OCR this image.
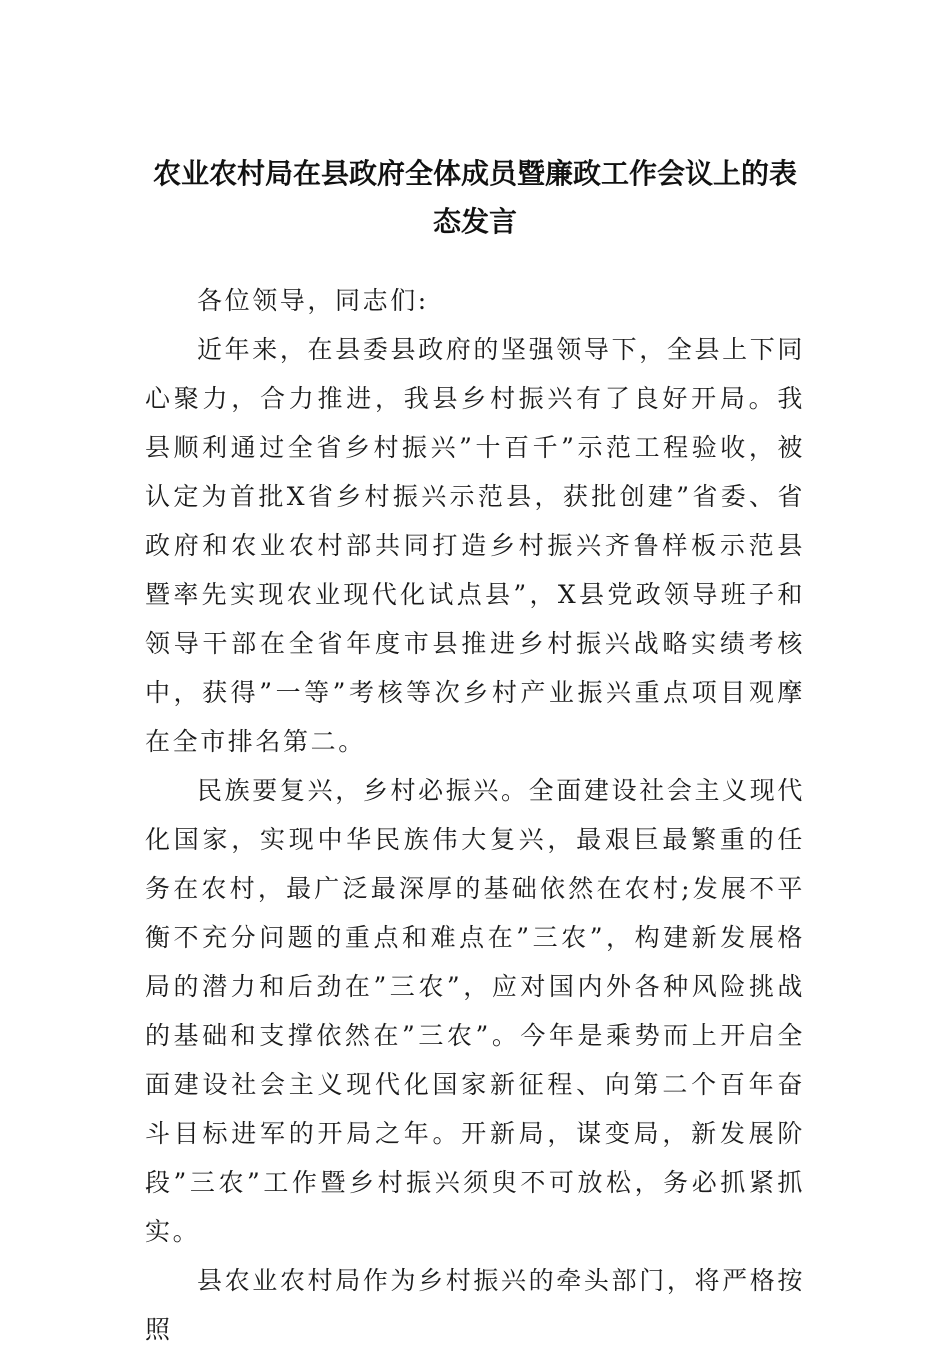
农业农村局在县政府全体成员暨廉政工作会议上的表态发言

各位领导，同志们:

近年来，在县委县政府的坚强领导下，全县上下同心聚力，合力推进，我县乡村振兴有了良好开局。我县顺利通过全省乡村振兴”十百千”示范工程验收，被认定为首批X省乡村振兴示范县，获批创建”省委、省政府和农业农村部共同打造乡村振兴齐鲁样板示范县暨率先实现农业现代化试点县”，X县党政领导班子和领导干部在全省年度市县推进乡村振兴战略实绩考核中，获得”一等”考核等次乡村产业振兴重点项目观摩在全市排名第二。

民族要复兴，乡村必振兴。全面建设社会主义现代化国家，实现中华民族伟大复兴，最艰巨最繁重的任务在农村，最广泛最深厚的基础依然在农村;发展不平衡不充分问题的重点和难点在”三农”，构建新发展格局的潜力和后劲在”三农”，应对国内外各种风险挑战的基础和支撑依然在”三农”。今年是乘势而上开启全面建设社会主义现代化国家新征程、向第二个百年奋斗目标进军的开局之年。开新局，谋变局，新发展阶段”三农”工作暨乡村振兴须臾不可放松，务必抓紧抓实。

县农业农村局作为乡村振兴的牵头部门，将严格按照
